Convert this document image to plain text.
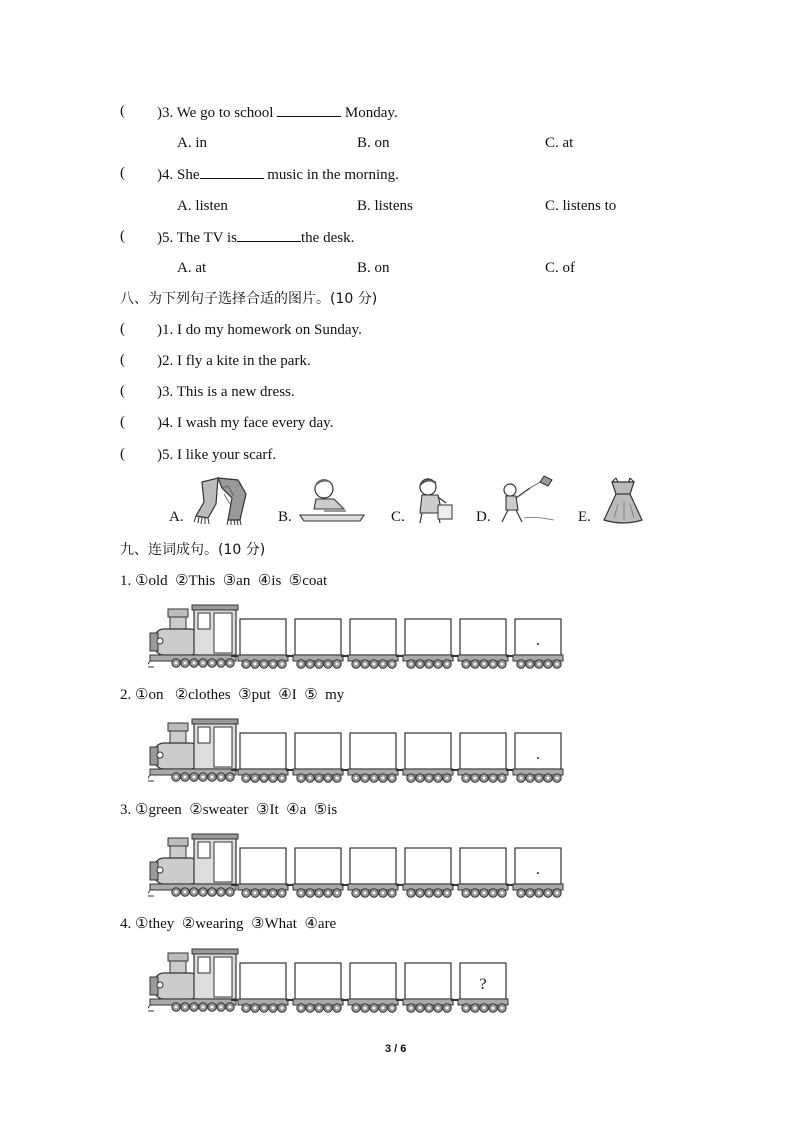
( )3. We go to school	Monday.
A. in	B. on	C. at
( )4. She	music in the morning.
A. listen	B. listens	C. listens to
( )5. The TV is	the desk.
A. at	B. on	C. of
八、为下列句子选择合适的图片。(10 分)
( )1. I do my homework on Sunday.
( )2. I fly a kite in the park.
( )3. This is a new dress.
( )4. I wash my face every day.
( )5. I like your scarf.
A.	B.	C.	D.	E.
九、连词成句。(10 分)
1. ①old  ②This  ③an  ④is  ⑤coat
.
2. ①on   ②clothes  ③put  ④I  ⑤  my
.
3. ①green  ②sweater  ③It  ④a  ⑤is
.
4. ①they  ②wearing  ③What  ④are
?
3 / 6
